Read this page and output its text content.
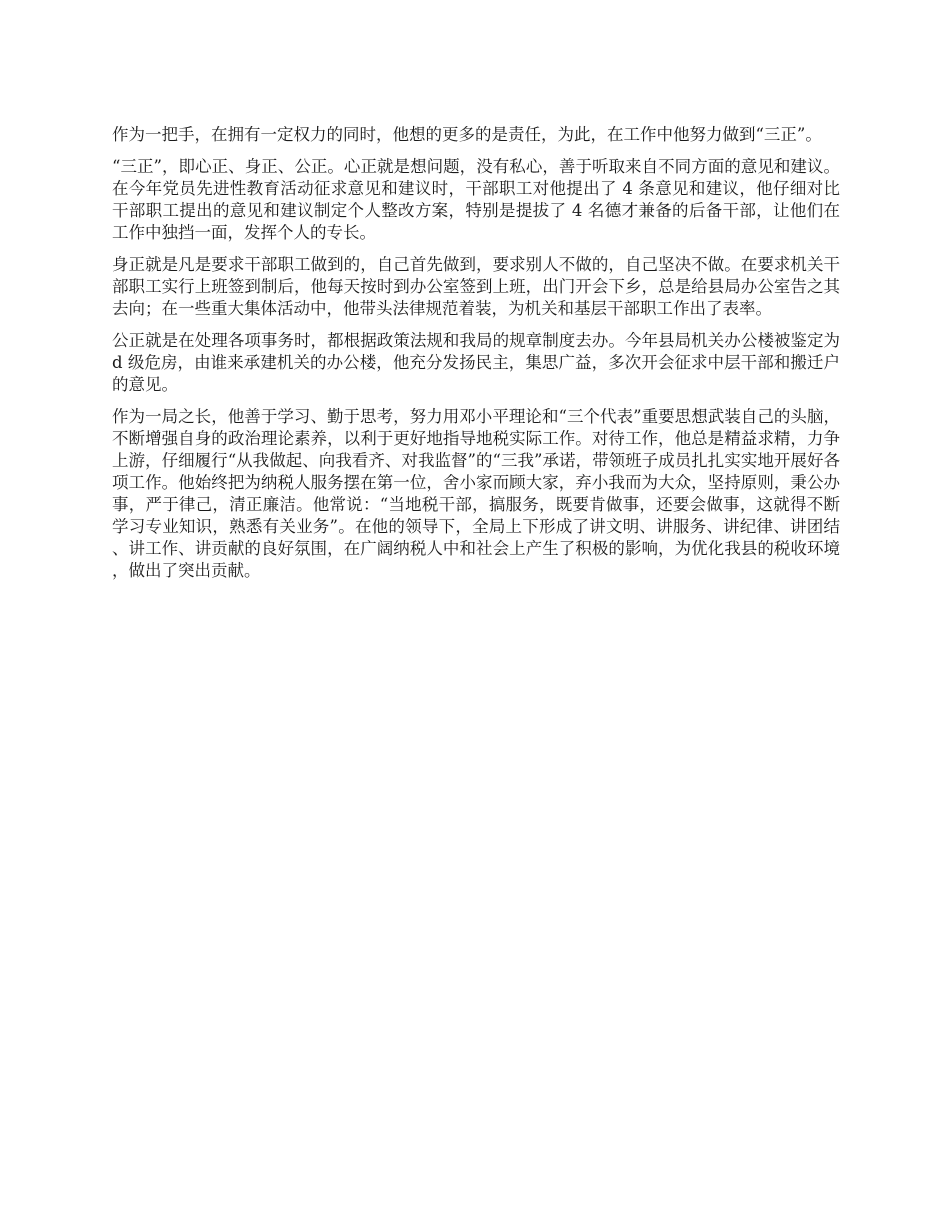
作为一把手，在拥有一定权力的同时，他想的更多的是责任，为此，在工作中他努力做到“三正”。

“三正”，即心正、身正、公正。心正就是想问题，没有私心，善于听取来自不同方面的意见和建议。在今年党员先进性教育活动征求意见和建议时，干部职工对他提出了 4 条意见和建议，他仔细对比干部职工提出的意见和建议制定个人整改方案，特别是提拔了 4 名德才兼备的后备干部，让他们在工作中独挡一面，发挥个人的专长。

身正就是凡是要求干部职工做到的，自己首先做到，要求别人不做的，自己坚决不做。在要求机关干部职工实行上班签到制后，他每天按时到办公室签到上班，出门开会下乡，总是给县局办公室告之其去向；在一些重大集体活动中，他带头法律规范着装，为机关和基层干部职工作出了表率。

公正就是在处理各项事务时，都根据政策法规和我局的规章制度去办。今年县局机关办公楼被鉴定为 d 级危房，由谁来承建机关的办公楼，他充分发扬民主，集思广益，多次开会征求中层干部和搬迁户的意见。

作为一局之长，他善于学习、勤于思考，努力用邓小平理论和“三个代表”重要思想武装自己的头脑，不断增强自身的政治理论素养，以利于更好地指导地税实际工作。对待工作，他总是精益求精，力争上游，仔细履行“从我做起、向我看齐、对我监督”的“三我”承诺，带领班子成员扎扎实实地开展好各项工作。他始终把为纳税人服务摆在第一位，舍小家而顾大家，弃小我而为大众，坚持原则，秉公办事，严于律己，清正廉洁。他常说：“当地税干部，搞服务，既要肯做事，还要会做事，这就得不断学习专业知识，熟悉有关业务”。在他的领导下，全局上下形成了讲文明、讲服务、讲纪律、讲团结、讲工作、讲贡献的良好氛围，在广阔纳税人中和社会上产生了积极的影响，为优化我县的税收环境，做出了突出贡献。
